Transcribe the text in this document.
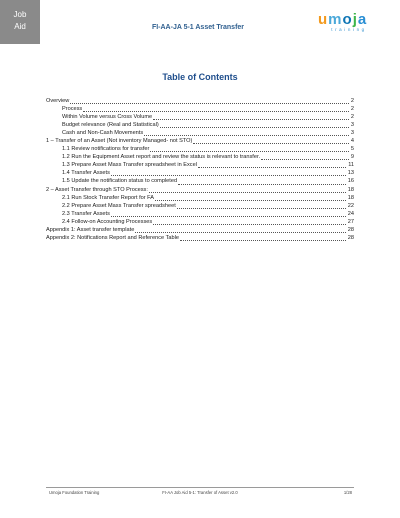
Job
Aid	FI-AA-JA 5-1 Asset Transfer	umoja
training
Table of Contents
Overview	2
Process	2
Within Volume versus Cross Volume	2
Budget relevance (Real and Statistical)	3
Cash and Non-Cash Movements	3
1 – Transfer of an Asset (Not inventory Managed- not STO)	4
1.1 Review notifications for transfer	5
1.2 Run the Equipment Asset report and review the status is relevant to transfer.	9
1.3 Prepare Asset Mass Transfer spreadsheet in Excel	11
1.4 Transfer Assets	13
1.5 Update the notification status to completed	16
2 – Asset Transfer through STO Process:	18
2.1 Run Stock Transfer Report for FA	18
2.2 Prepare Asset Mass Transfer spreadsheet	22
2.3 Transfer Assets	24
2.4 Follow-on Accounting Processes	27
Appendix 1: Asset transfer template	28
Appendix 2: Notifications Report and Reference Table	28
Umoja Foundation Training	FI-AA Job Aid 5-1: Transfer of Asset v2.0	1/28
